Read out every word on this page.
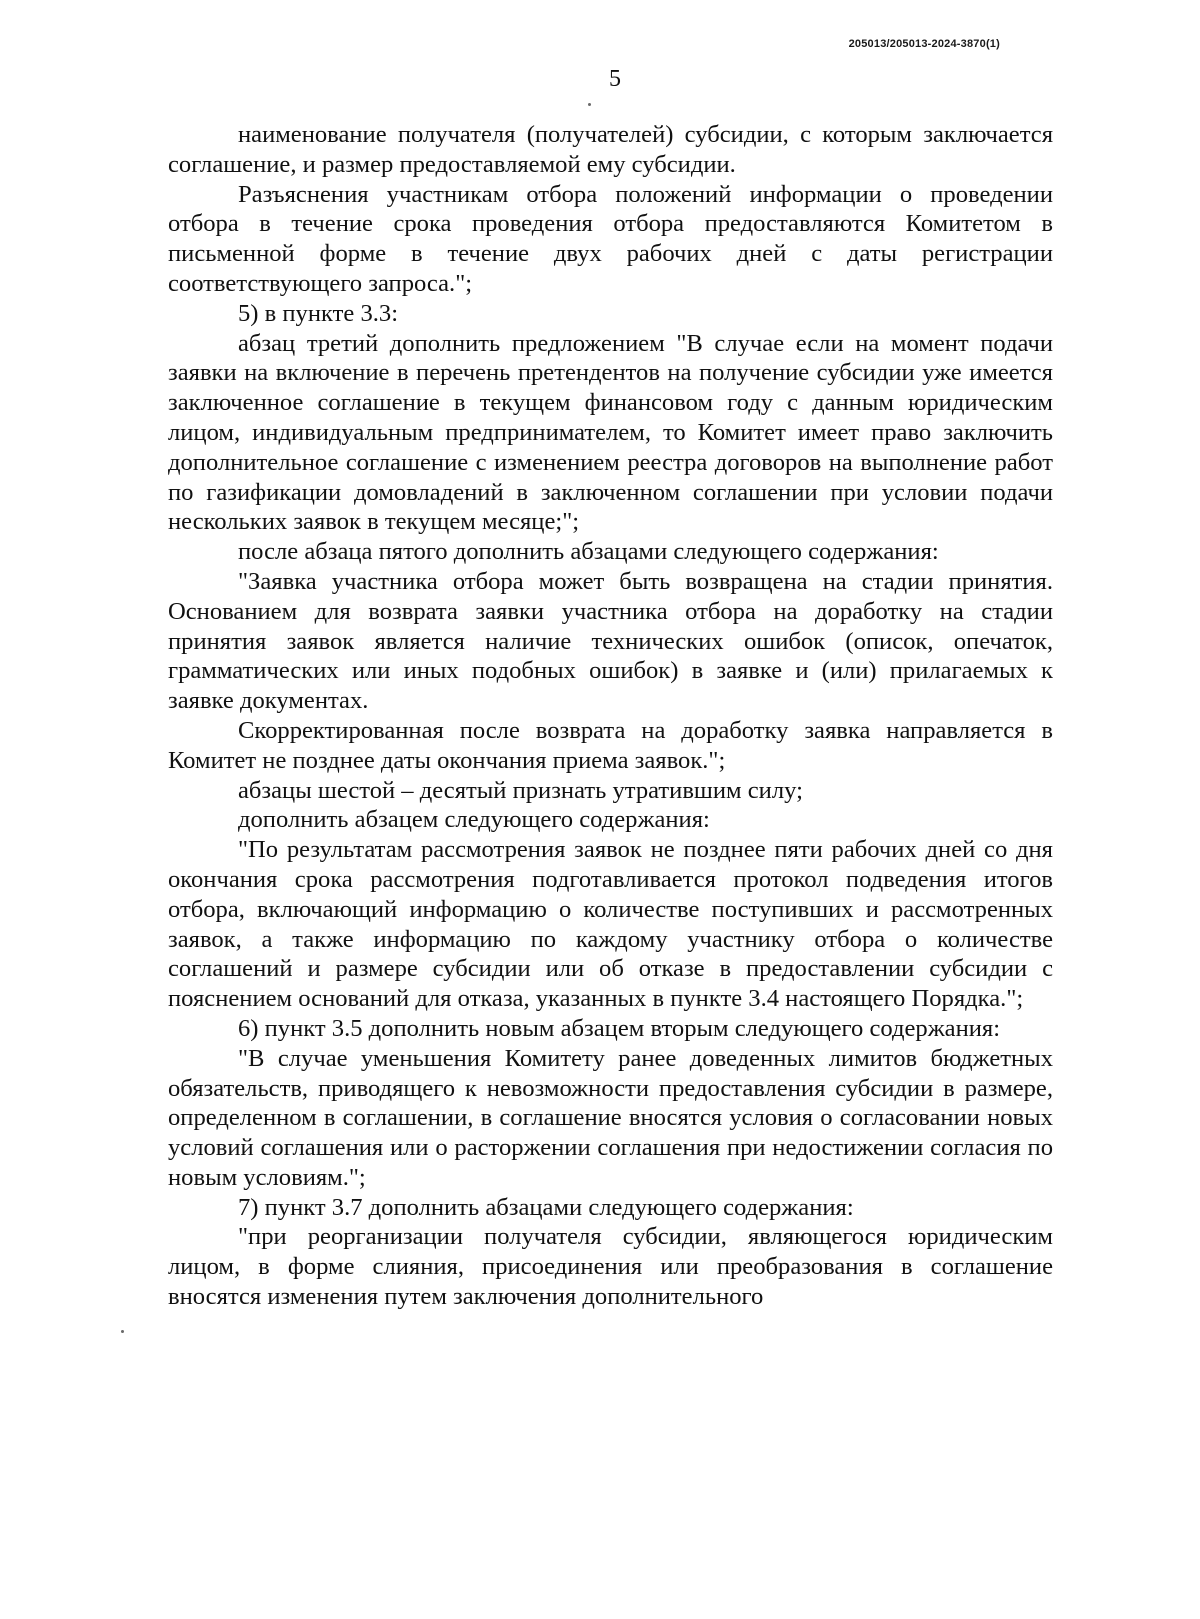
205013/205013-2024-3870(1)
5

наименование получателя (получателей) субсидии, с которым заключается соглашение, и размер предоставляемой ему субсидии.

Разъяснения участникам отбора положений информации о проведении отбора в течение срока проведения отбора предоставляются Комитетом в письменной форме в течение двух рабочих дней с даты регистрации соответствующего запроса.";

5) в пункте 3.3:

абзац третий дополнить предложением "В случае если на момент подачи заявки на включение в перечень претендентов на получение субсидии уже имеется заключенное соглашение в текущем финансовом году с данным юридическим лицом, индивидуальным предпринимателем, то Комитет имеет право заключить дополнительное соглашение с изменением реестра договоров на выполнение работ по газификации домовладений в заключенном соглашении при условии подачи нескольких заявок в текущем месяце;";

после абзаца пятого дополнить абзацами следующего содержания:

"Заявка участника отбора может быть возвращена на стадии принятия. Основанием для возврата заявки участника отбора на доработку на стадии принятия заявок является наличие технических ошибок (описок, опечаток, грамматических или иных подобных ошибок) в заявке и (или) прилагаемых к заявке документах.

Скорректированная после возврата на доработку заявка направляется в Комитет не позднее даты окончания приема заявок.";

абзацы шестой – десятый признать утратившим силу;

дополнить абзацем следующего содержания:

"По результатам рассмотрения заявок не позднее пяти рабочих дней со дня окончания срока рассмотрения подготавливается протокол подведения итогов отбора, включающий информацию о количестве поступивших и рассмотренных заявок, а также информацию по каждому участнику отбора о количестве соглашений и размере субсидии или об отказе в предоставлении субсидии с пояснением оснований для отказа, указанных в пункте 3.4 настоящего Порядка.";

6) пункт 3.5 дополнить новым абзацем вторым следующего содержания:

"В случае уменьшения Комитету ранее доведенных лимитов бюджетных обязательств, приводящего к невозможности предоставления субсидии в размере, определенном в соглашении, в соглашение вносятся условия о согласовании новых условий соглашения или о расторжении соглашения при недостижении согласия по новым условиям.";

7) пункт 3.7 дополнить абзацами следующего содержания:

"при реорганизации получателя субсидии, являющегося юридическим лицом, в форме слияния, присоединения или преобразования в соглашение вносятся изменения путем заключения дополнительного
